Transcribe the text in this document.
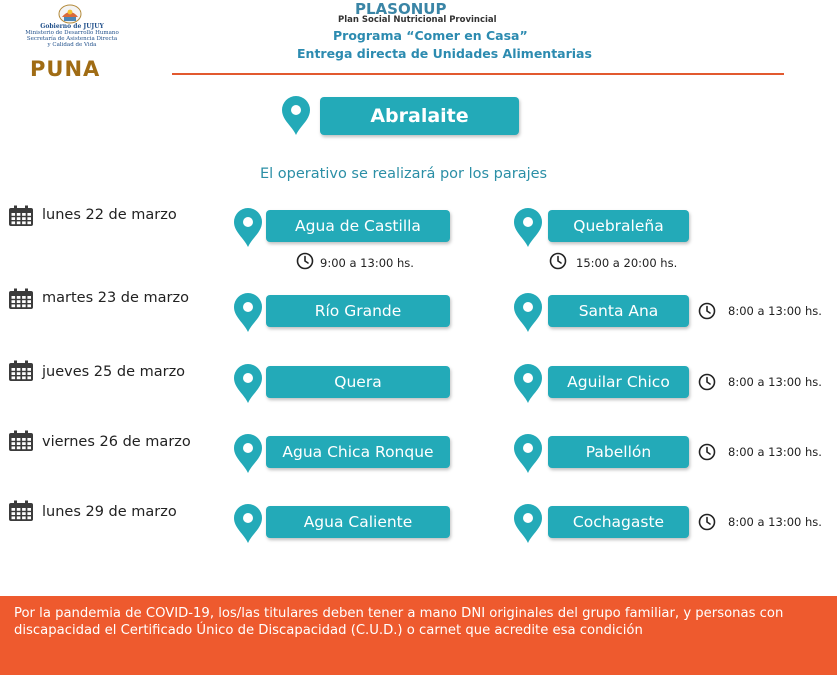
Gobierno de JUJUY
Ministerio de Desarrollo Humano
Secretaría de Asistencia Directa
y Calidad de Vida
PUNA
PLASONUP
Plan Social Nutricional Provincial
Programa “Comer en Casa”
Entrega directa de Unidades Alimentarias
Abralaite
El operativo se realizará por los parajes
lunes 22 de marzo
Agua de Castilla	Quebraleña
9:00 a 13:00 hs.	15:00 a 20:00 hs.
martes 23 de marzo
Río Grande	Santa Ana	8:00 a 13:00 hs.
jueves 25 de marzo
Quera	Aguilar Chico	8:00 a 13:00 hs.
viernes 26 de marzo
Agua Chica Ronque	Pabellón	8:00 a 13:00 hs.
lunes 29 de marzo
Agua Caliente	Cochagaste	8:00 a 13:00 hs.

Por la pandemia de COVID-19, los/las titulares deben tener a mano DNI originales del grupo familiar, y personas con discapacidad el Certificado Único de Discapacidad (C.U.D.) o carnet que acredite esa condición
